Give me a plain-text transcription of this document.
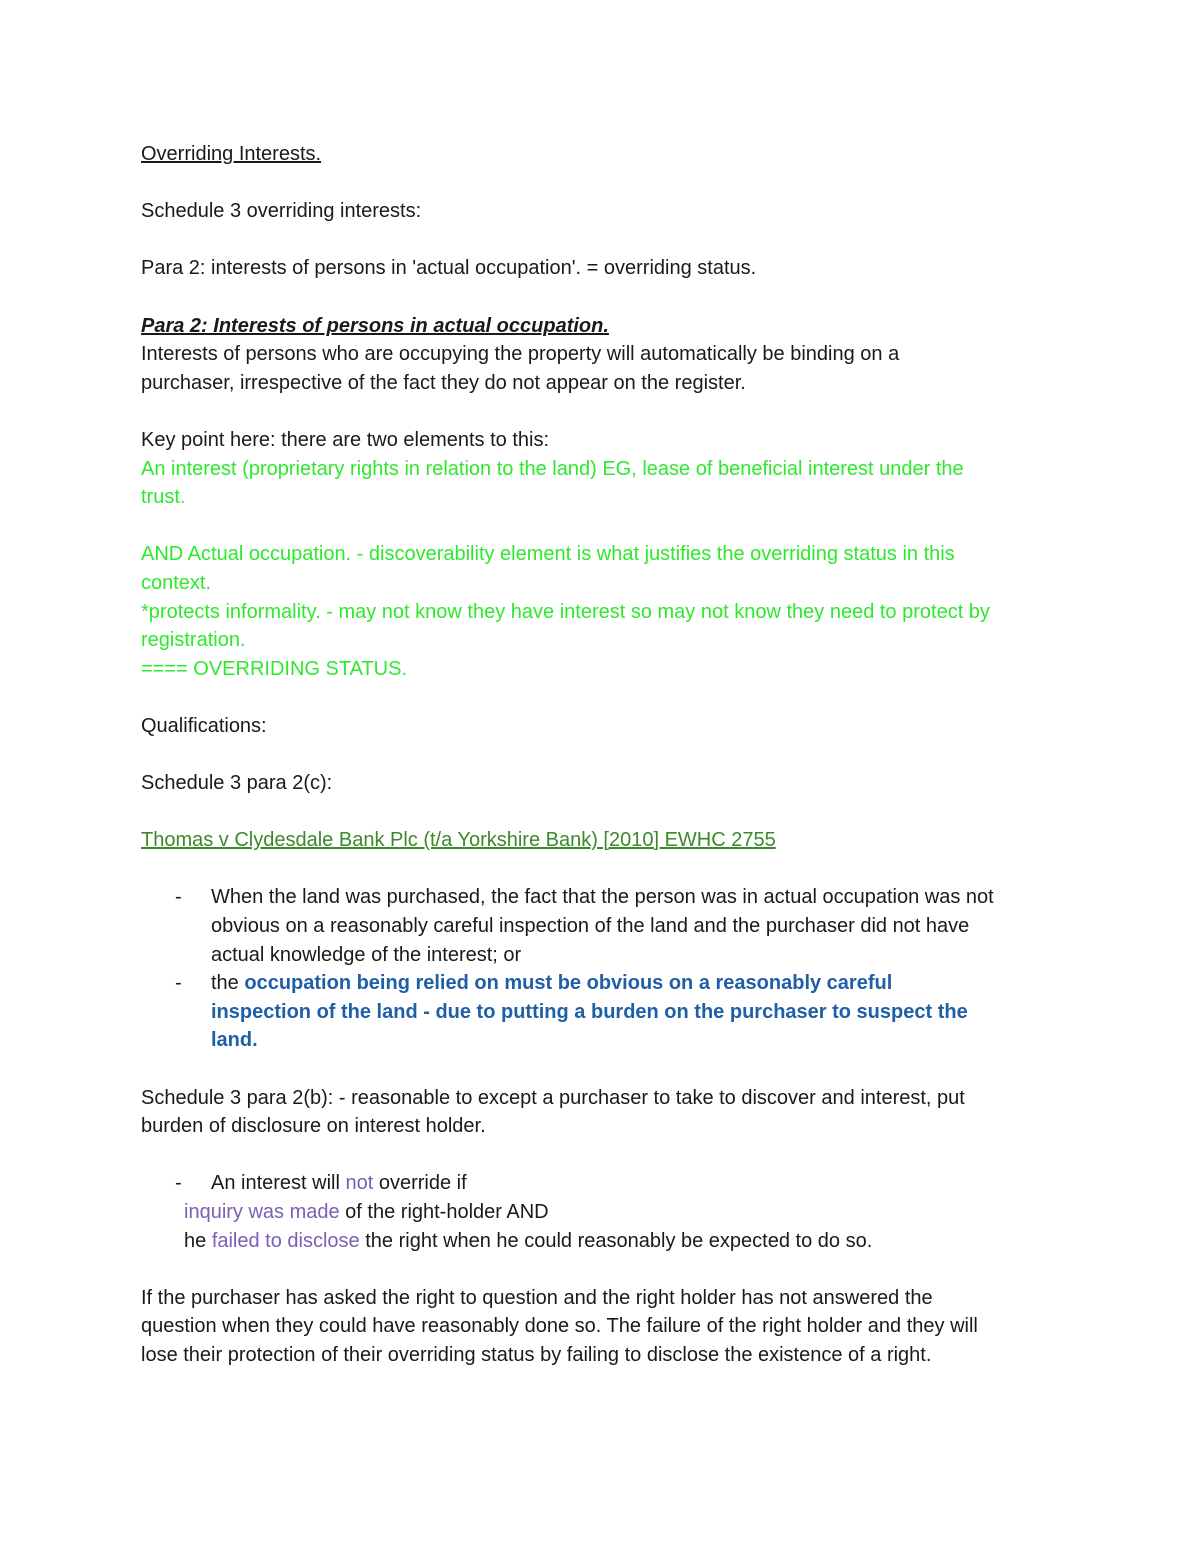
Overriding Interests.
Schedule 3 overriding interests:
Para 2: interests of persons in 'actual occupation'. = overriding status.
Para 2: Interests of persons in actual occupation.
Interests of persons who are occupying the property will automatically be binding on a
purchaser, irrespective of the fact they do not appear on the register.
Key point here: there are two elements to this:
An interest (proprietary rights in relation to the land) EG, lease of beneficial interest under the
trust.
AND Actual occupation. - discoverability element is what justifies the overriding status in this
context.
*protects informality. - may not know they have interest so may not know they need to protect by
registration.
==== OVERRIDING STATUS.
Qualifications:
Schedule 3 para 2(c):
Thomas v Clydesdale Bank Plc (t/a Yorkshire Bank) [2010] EWHC 2755
-	When the land was purchased, the fact that the person was in actual occupation was not
obvious on a reasonably careful inspection of the land and the purchaser did not have
actual knowledge of the interest; or
-	the occupation being relied on must be obvious on a reasonably careful
inspection of the land - due to putting a burden on the purchaser to suspect the
land.
Schedule 3 para 2(b): - reasonable to except a purchaser to take to discover and interest, put
burden of disclosure on interest holder.
-	An interest will not override if
inquiry was made of the right-holder AND
he failed to disclose the right when he could reasonably be expected to do so.
If the purchaser has asked the right to question and the right holder has not answered the
question when they could have reasonably done so. The failure of the right holder and they will
lose their protection of their overriding status by failing to disclose the existence of a right.
